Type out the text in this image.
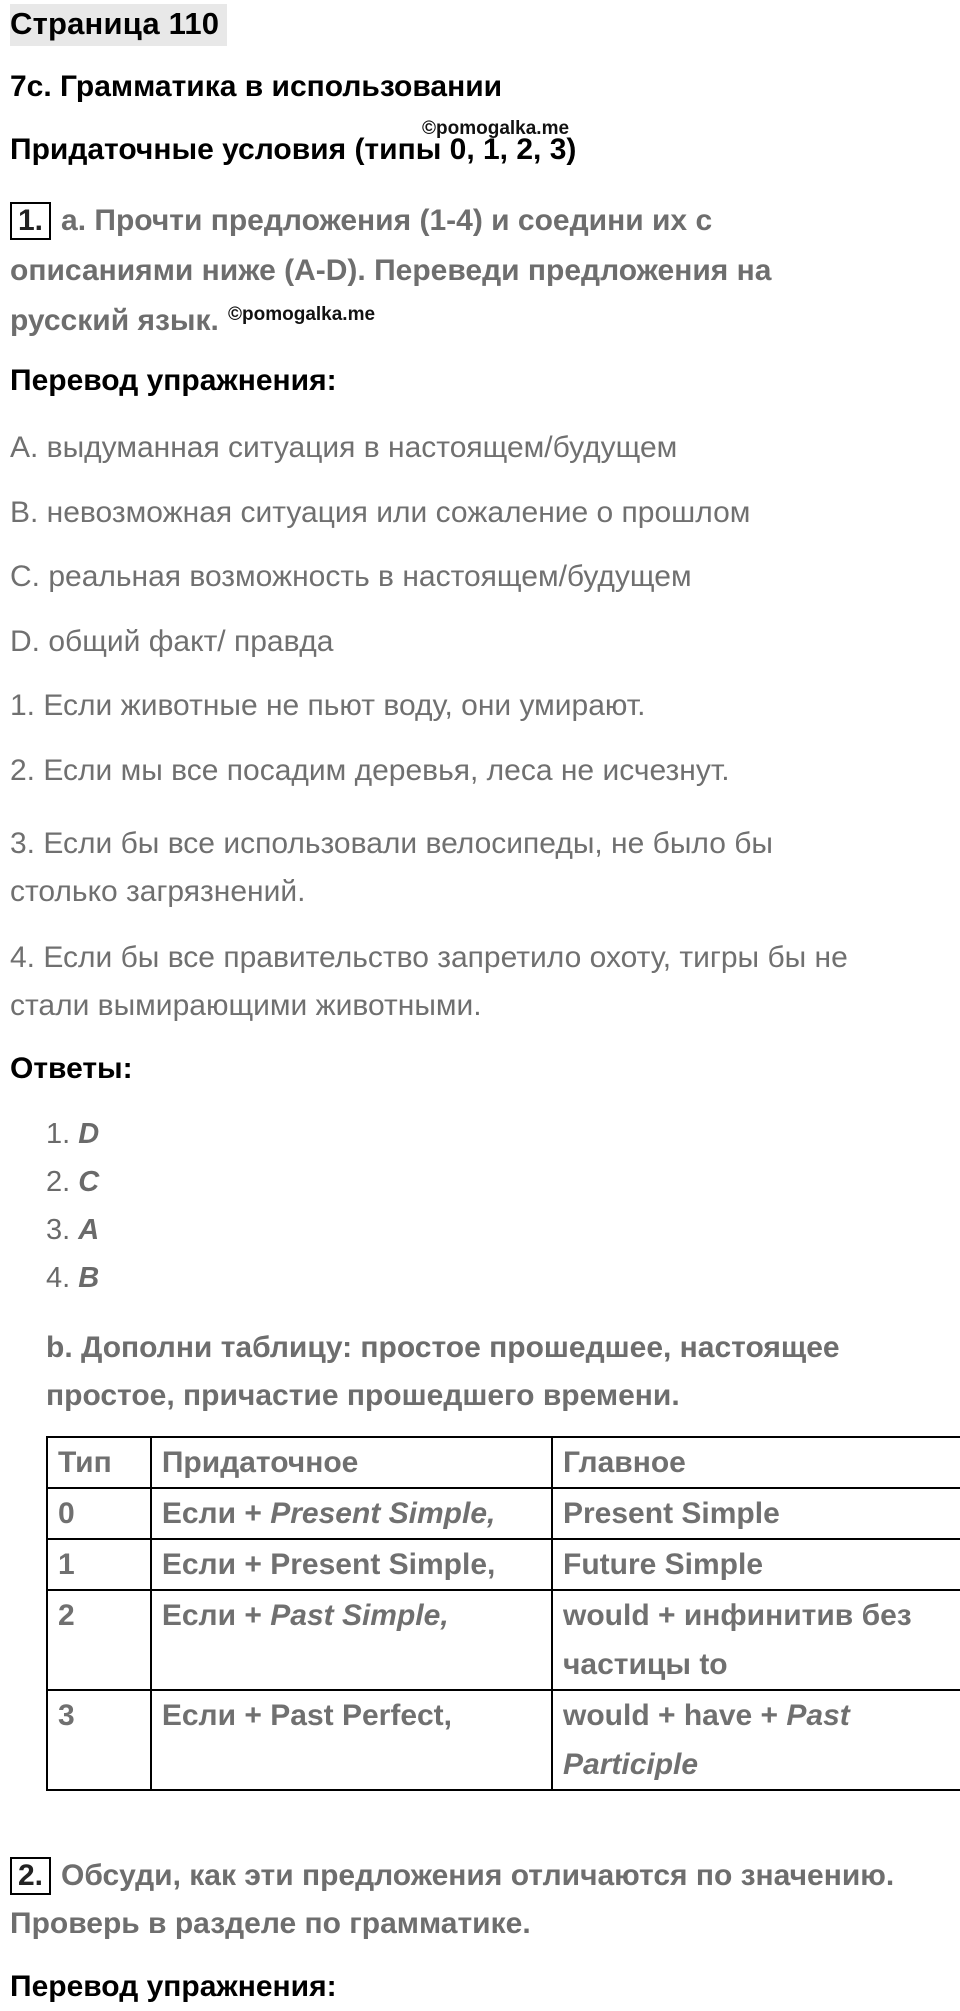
Страница 110
7c. Грамматика в использовании
©pomogalka.me
Придаточные условия (типы 0, 1, 2, 3)
1. a. Прочти предложения (1-4) и соедини их с
описаниями ниже (A-D). Переведи предложения на
русский язык. ©pomogalka.me
Перевод упражнения:
A. выдуманная ситуация в настоящем/будущем
B. невозможная ситуация или сожаление о прошлом
C. реальная возможность в настоящем/будущем
D. общий факт/ правда
1. Если животные не пьют воду, они умирают.
2. Если мы все посадим деревья, леса не исчезнут.
3. Если бы все использовали велосипеды, не было бы
столько загрязнений.
4. Если бы все правительство запретило охоту, тигры бы не
стали вымирающими животными.
Ответы:
1. D
2. C
3. A
4. B
b. Дополни таблицу: простое прошедшее, настоящее
простое, причастие прошедшего времени.
Тип	Придаточное	Главное
0	Если + Present Simple,	Present Simple
1	Если + Present Simple,	Future Simple
2	Если + Past Simple,	would + инфинитив без
частицы to

3	Если + Past Perfect,	would + have + Past
Participle
2. Обсуди, как эти предложения отличаются по значению.
Проверь в разделе по грамматике.
Перевод упражнения:
